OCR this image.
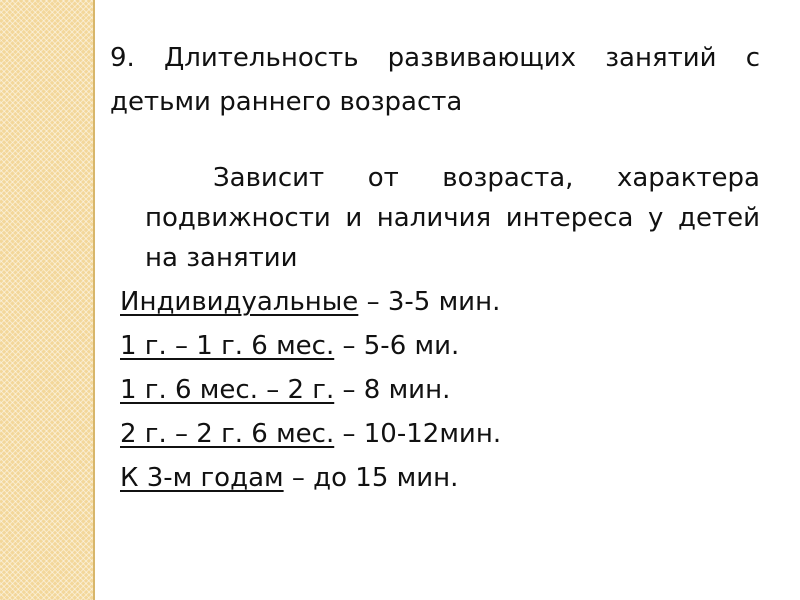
9. Длительность развивающих занятий с детьми раннего возраста

Зависит от возраста, характера подвижности и наличия интереса у детей на занятии

Индивидуальные – 3-5 мин.
1 г. – 1 г. 6 мес. – 5-6 ми.
1 г. 6 мес. – 2 г. – 8 мин.
2 г. – 2 г. 6 мес. – 10-12мин.
К 3-м годам – до 15 мин.
